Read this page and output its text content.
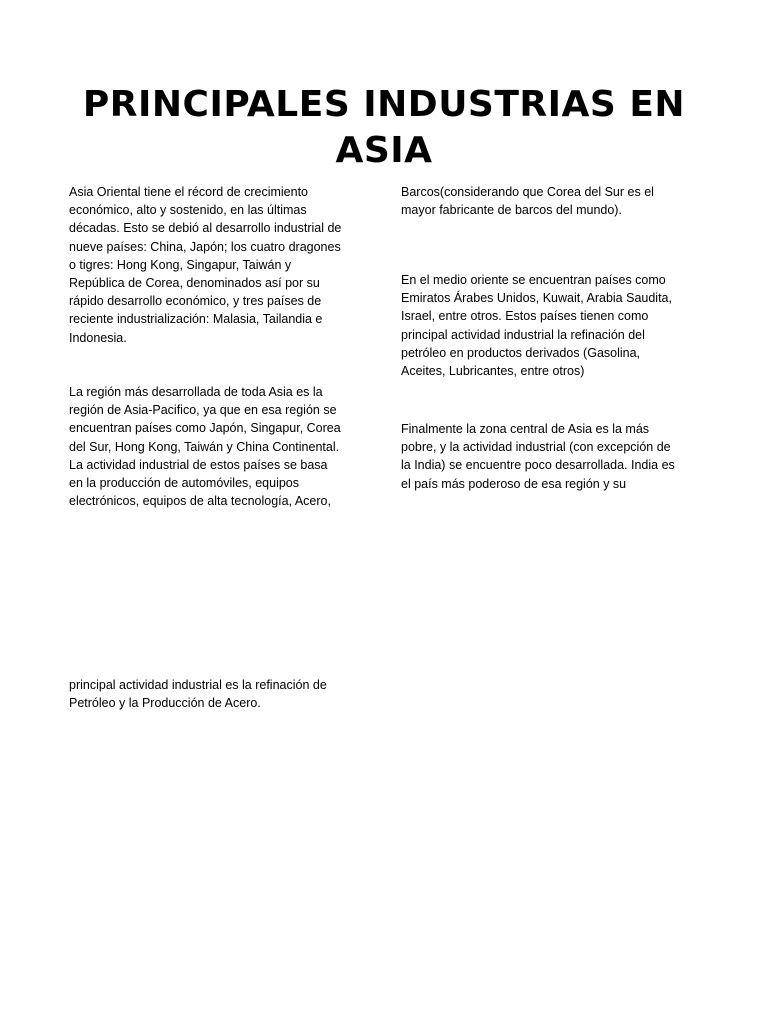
PRINCIPALES INDUSTRIAS EN
ASIA

Asia Oriental tiene el récord de crecimiento
económico, alto y sostenido, en las últimas
décadas. Esto se debió al desarrollo industrial de
nueve países: China, Japón; los cuatro dragones
o tigres: Hong Kong, Singapur, Taiwán y
República de Corea, denominados así por su
rápido desarrollo económico, y tres países de
reciente industrialización: Malasia, Tailandia e
Indonesia.

La región más desarrollada de toda Asia es la
región de Asia-Pacifico, ya que en esa región se
encuentran países como Japón, Singapur, Corea
del Sur, Hong Kong, Taiwán y China Continental.
La actividad industrial de estos países se basa
en la producción de automóviles, equipos
electrónicos, equipos de alta tecnología, Acero,

principal actividad industrial es la refinación de
Petróleo y la Producción de Acero.

Barcos(considerando que Corea del Sur es el
mayor fabricante de barcos del mundo).

En el medio oriente se encuentran países como
Emiratos Árabes Unidos, Kuwait, Arabia Saudita,
Israel, entre otros. Estos países tienen como
principal actividad industrial la refinación del
petróleo en productos derivados (Gasolina,
Aceites, Lubricantes, entre otros)

Finalmente la zona central de Asia es la más
pobre, y la actividad industrial (con excepción de
la India) se encuentre poco desarrollada. India es
el país más poderoso de esa región y su
